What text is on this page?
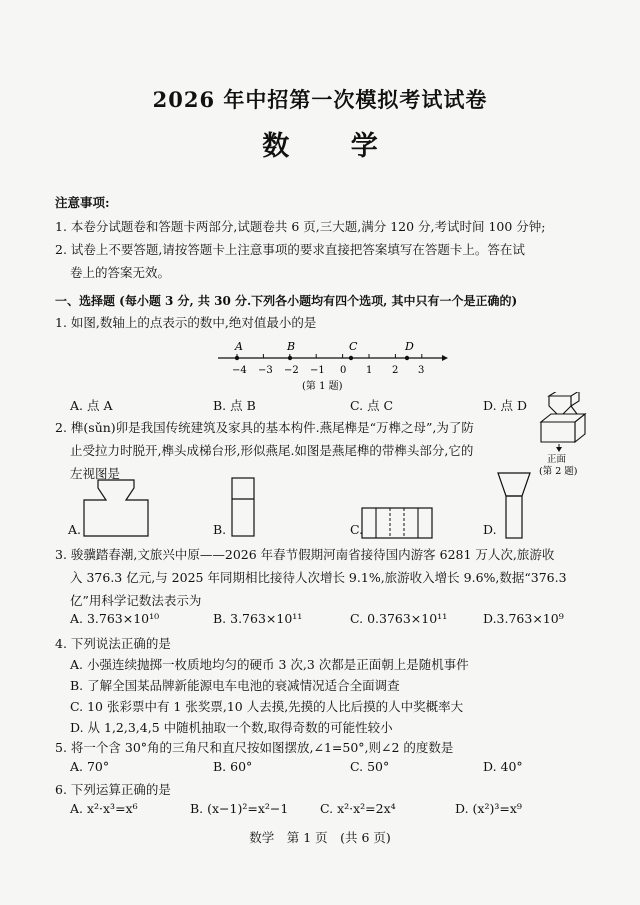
2026 年中招第一次模拟考试试卷
数 学
注意事项:
1. 本卷分试题卷和答题卡两部分,试题卷共 6 页,三大题,满分 120 分,考试时间 100 分钟;
2. 试卷上不要答题,请按答题卡上注意事项的要求直接把答案填写在答题卡上。答在试
卷上的答案无效。
一、选择题 (每小题 3 分, 共 30 分.下列各小题均有四个选项, 其中只有一个是正确的)
1. 如图,数轴上的点表示的数中,绝对值最小的是
A	B	C	D
−4 −3 −2 −1 0 1 2 3
(第 1 题)
A. 点 A	B. 点 B	C. 点 C	D. 点 D
2. 榫(sǔn)卯是我国传统建筑及家具的基本构件.燕尾榫是“万榫之母”,为了防
止受拉力时脱开,榫头成梯台形,形似燕尾.如图是燕尾榫的带榫头部分,它的
左视图是
正面
(第 2 题)
A.	B.	C.	D.
3. 骏骥踏春潮,文旅兴中原——2026 年春节假期河南省接待国内游客 6281 万人次,旅游收
入 376.3 亿元,与 2025 年同期相比接待人次增长 9.1%,旅游收入增长 9.6%,数据“376.3
亿”用科学记数法表示为
A. 3.763×10¹⁰	B. 3.763×10¹¹	C. 0.3763×10¹¹	D.3.763×10⁹
4. 下列说法正确的是
A. 小强连续抛掷一枚质地均匀的硬币 3 次,3 次都是正面朝上是随机事件
B. 了解全国某品牌新能源电车电池的衰减情况适合全面调查
C. 10 张彩票中有 1 张奖票,10 人去摸,先摸的人比后摸的人中奖概率大
D. 从 1,2,3,4,5 中随机抽取一个数,取得奇数的可能性较小
5. 将一个含 30°角的三角尺和直尺按如图摆放,∠1=50°,则∠2 的度数是
A. 70°	B. 60°	C. 50°	D. 40°
6. 下列运算正确的是
A. x²·x³=x⁶	B. (x−1)²=x²−1	C. x²·x²=2x⁴	D. (x²)³=x⁹
数学　第 1 页　(共 6 页)
